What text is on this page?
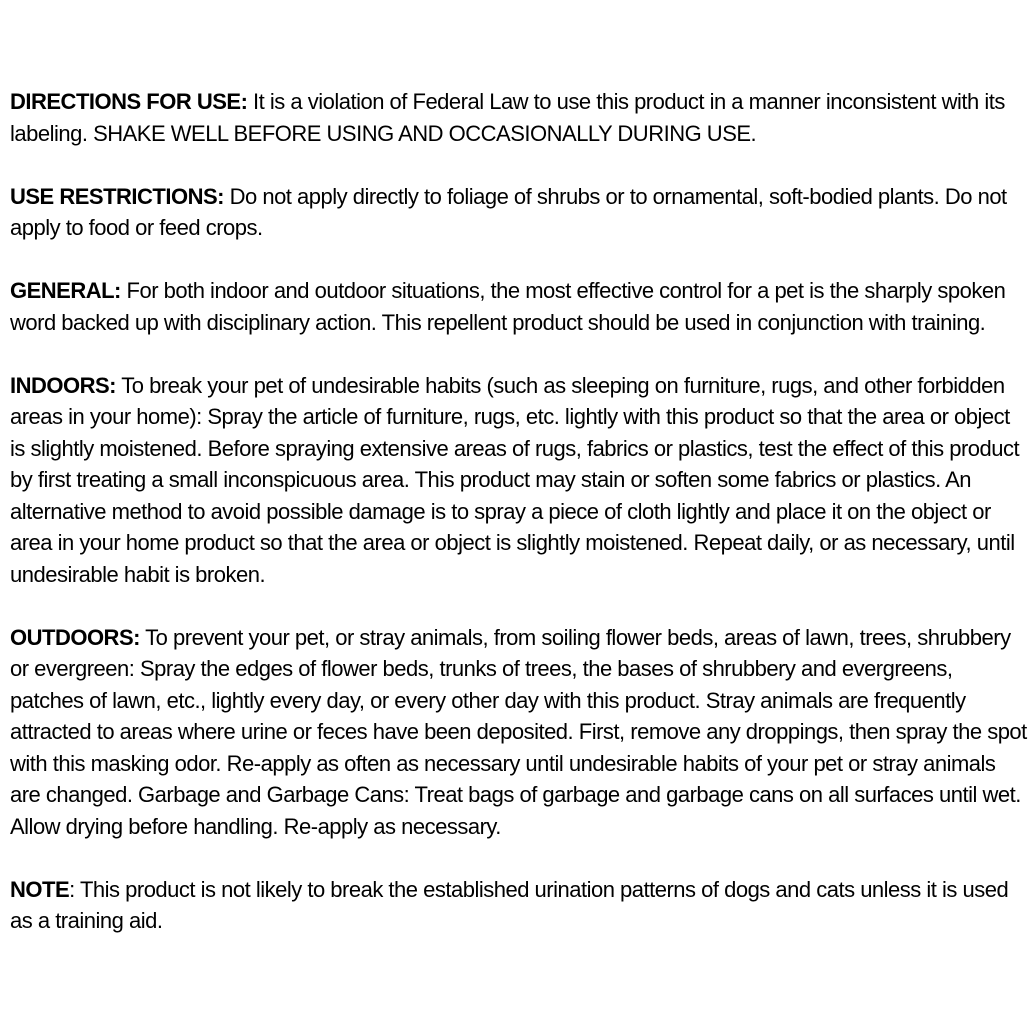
DIRECTIONS FOR USE: It is a violation of Federal Law to use this product in a manner inconsistent with its labeling. SHAKE WELL BEFORE USING AND OCCASIONALLY DURING USE.

USE RESTRICTIONS: Do not apply directly to foliage of shrubs or to ornamental, soft-bodied plants. Do not apply to food or feed crops.

GENERAL: For both indoor and outdoor situations, the most effective control for a pet is the sharply spoken word backed up with disciplinary action. This repellent product should be used in conjunction with training.

INDOORS: To break your pet of undesirable habits (such as sleeping on furniture, rugs, and other forbidden areas in your home): Spray the article of furniture, rugs, etc. lightly with this product so that the area or object is slightly moistened. Before spraying extensive areas of rugs, fabrics or plastics, test the effect of this product by first treating a small inconspicuous area. This product may stain or soften some fabrics or plastics. An alternative method to avoid possible damage is to spray a piece of cloth lightly and place it on the object or area in your home product so that the area or object is slightly moistened. Repeat daily, or as necessary, until undesirable habit is broken.

OUTDOORS: To prevent your pet, or stray animals, from soiling flower beds, areas of lawn, trees, shrubbery or evergreen: Spray the edges of flower beds, trunks of trees, the bases of shrubbery and evergreens, patches of lawn, etc., lightly every day, or every other day with this product. Stray animals are frequently attracted to areas where urine or feces have been deposited. First, remove any droppings, then spray the spot with this masking odor. Re-apply as often as necessary until undesirable habits of your pet or stray animals are changed. Garbage and Garbage Cans: Treat bags of garbage and garbage cans on all surfaces until wet. Allow drying before handling. Re-apply as necessary.

NOTE: This product is not likely to break the established urination patterns of dogs and cats unless it is used as a training aid.
